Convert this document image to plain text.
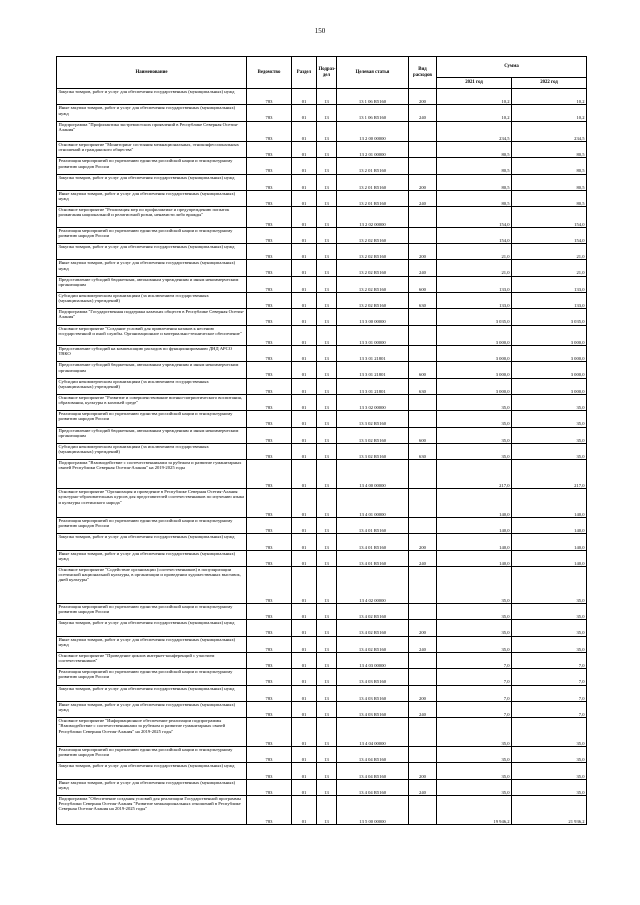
150
Наименование	Ведомство	Раздел	Подраз-дел	Целевая статья	Вид расходов	Сумма	
						2021 год	2022 год
Закупка товаров, работ и услуг для обеспечения государственных (муниципальных) нужд	783	01	13	13 1 06 R5160	200	10,2	10,2
Иные закупки товаров, работ и услуг для обеспечения государственных (муниципальных) нужд	783	01	13	13 1 06 R5160	240	10,2	10,2
Подпрограмма "Профилактика экстремистских проявлений в Республике Северная Осетия-Алания"	783	01	13	13 2 00 00000		234,5	234,5
Основное мероприятие "Мониторинг состояния межнациональных, этноконфессиональных отношений и гражданского общества"	783	01	13	13 2 01 00000		80,5	80,5
Реализация мероприятий по укреплению единства российской нации и этнокультурному развитию народов России	783	01	13	13 2 01 R5160		80,5	80,5
Закупка товаров, работ и услуг для обеспечения государственных (муниципальных) нужд	783	01	13	13 2 01 R5160	200	80,5	80,5
Иные закупки товаров, работ и услуг для обеспечения государственных (муниципальных) нужд	783	01	13	13 2 01 R5160	240	80,5	80,5
Основное мероприятие "Реализация мер по профилактике и предупреждению попыток разжигания национальной и религиозной розни, ненависти либо вражды"	783	01	13	13 2 02 00000		154,0	154,0
Реализация мероприятий по укреплению единства российской нации и этнокультурному развитию народов России	783	01	13	13 2 02 R5160		154,0	154,0
Закупка товаров, работ и услуг для обеспечения государственных (муниципальных) нужд	783	01	13	13 2 02 R5160	200	21,0	21,0
Иные закупки товаров, работ и услуг для обеспечения государственных (муниципальных) нужд	783	01	13	13 2 02 R5160	240	21,0	21,0
Предоставление субсидий бюджетным, автономным учреждениям и иным некоммерческим организациям	783	01	13	13 2 02 R5160	600	133,0	133,0
Субсидии некоммерческим организациям (за исключением государственных (муниципальных) учреждений)	783	01	13	13 2 02 R5160	630	133,0	133,0
Подпрограмма "Государственная поддержка казачьих обществ в Республике Северная Осетия-Алания"	783	01	13	13 3 00 00000		3 035,0	3 035,0
Основное мероприятие "Создание условий для привлечения казаков к несению государственной и иной службы. Организационное и материально-техническое обеспечение"	783	01	13	13 3 01 00000		3 000,0	3 000,0
Предоставление субсидий на компенсацию расходов по функционированию ДНД АРСО ТВКО	783	01	13	13 3 01 21801		3 000,0	3 000,0
Предоставление субсидий бюджетным, автономным учреждениям и иным некоммерческим организациям	783	01	13	13 3 01 21801	600	3 000,0	3 000,0
Субсидии некоммерческим организациям (за исключением государственных (муниципальных) учреждений)	783	01	13	13 3 01 21801	630	3 000,0	3 000,0
Основное мероприятие "Развитие и совершенствование военно-патриотического воспитания, образования, культуры в казачьей среде"	783	01	13	13 3 02 00000		35,0	35,0
Реализация мероприятий по укреплению единства российской нации и этнокультурному развитию народов России	783	01	13	13 3 02 R5160		35,0	35,0
Предоставление субсидий бюджетным, автономным учреждениям и иным некоммерческим организациям	783	01	13	13 3 02 R5160	600	35,0	35,0
Субсидии некоммерческим организациям (за исключением государственных (муниципальных) учреждений)	783	01	13	13 3 02 R5160	630	35,0	35,0
Подпрограмма "Взаимодействие с соотечественниками за рубежом и развитие гуманитарных связей Республики Северная Осетия-Алания" на 2019-2025 годы	783	01	13	13 4 00 00000		217,0	217,0
Основное мероприятие "Организация и проведение в Республике Северная Осетия-Алания культурно-образовательных курсов для представителей соотечественников по изучению языка и культуры осетинского народа"	783	01	13	13 4 01 00000		140,0	140,0
Реализация мероприятий по укреплению единства российской нации и этнокультурному развитию народов России	783	01	13	13 4 01 R5160		140,0	140,0
Закупка товаров, работ и услуг для обеспечения государственных (муниципальных) нужд	783	01	13	13 4 01 R5160	200	140,0	140,0
Иные закупки товаров, работ и услуг для обеспечения государственных (муниципальных) нужд	783	01	13	13 4 01 R5160	240	140,0	140,0
Основное мероприятие "Содействие организации (соотечественников) в популяризации осетинской национальной культуры, в организации и проведении художественных выставок, дней культуры"	783	01	13	13 4 02 00000		35,0	35,0
Реализация мероприятий по укреплению единства российской нации и этнокультурному развитию народов России	783	01	13	13 4 02 R5160		35,0	35,0
Закупка товаров, работ и услуг для обеспечения государственных (муниципальных) нужд	783	01	13	13 4 02 R5160	200	35,0	35,0
Иные закупки товаров, работ и услуг для обеспечения государственных (муниципальных) нужд	783	01	13	13 4 02 R5160	240	35,0	35,0
Основное мероприятие "Проведение циклов интернет-конференций с участием соотечественников"	783	01	13	13 4 03 00000		7,0	7,0
Реализация мероприятий по укреплению единства российской нации и этнокультурному развитию народов России	783	01	13	13 4 03 R5160		7,0	7,0
Закупка товаров, работ и услуг для обеспечения государственных (муниципальных) нужд	783	01	13	13 4 03 R5160	200	7,0	7,0
Иные закупки товаров, работ и услуг для обеспечения государственных (муниципальных) нужд	783	01	13	13 4 03 R5160	240	7,0	7,0
Основное мероприятие "Информационное обеспечение реализации подпрограммы "Взаимодействие с соотечественниками за рубежом и развитие гуманитарных связей Республики Северная Осетия-Алания" на 2019-2025 годы"	783	01	13	13 4 04 00000		35,0	35,0
Реализация мероприятий по укреплению единства российской нации и этнокультурному развитию народов России	783	01	13	13 4 04 R5160		35,0	35,0
Закупка товаров, работ и услуг для обеспечения государственных (муниципальных) нужд	783	01	13	13 4 04 R5160	200	35,0	35,0
Иные закупки товаров, работ и услуг для обеспечения государственных (муниципальных) нужд	783	01	13	13 4 04 R5160	240	35,0	35,0
Подпрограмма "Обеспечение создания условий для реализации Государственной программы Республики Северная Осетия-Алания "Развитие межнациональных отношений в Республике Северная Осетия-Алания на 2019-2025 годы"	783	01	13	13 5 00 00000		19 946,2	21 936,2
